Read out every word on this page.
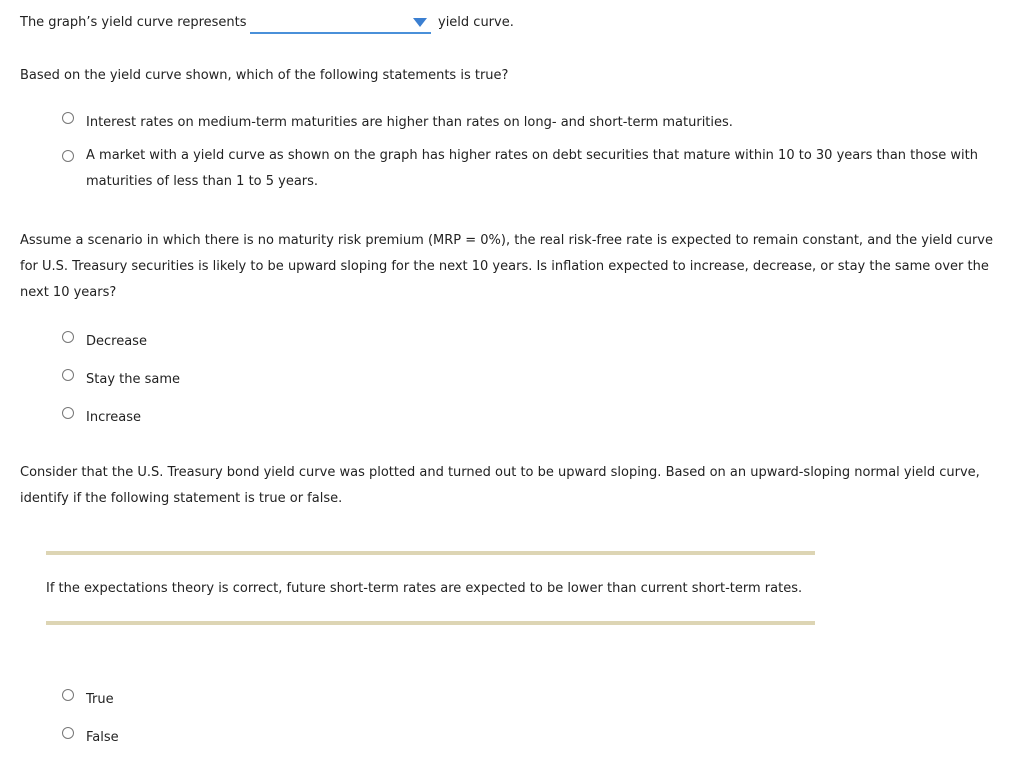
The graph’s yield curve represents	yield curve.
Based on the yield curve shown, which of the following statements is true?
Interest rates on medium-term maturities are higher than rates on long- and short-term maturities.
A market with a yield curve as shown on the graph has higher rates on debt securities that mature within 10 to 30 years than those with maturities of less than 1 to 5 years.
Assume a scenario in which there is no maturity risk premium (MRP = 0%), the real risk-free rate is expected to remain constant, and the yield curve for U.S. Treasury securities is likely to be upward sloping for the next 10 years. Is inflation expected to increase, decrease, or stay the same over the next 10 years?
Decrease
Stay the same
Increase
Consider that the U.S. Treasury bond yield curve was plotted and turned out to be upward sloping. Based on an upward-sloping normal yield curve, identify if the following statement is true or false.
If the expectations theory is correct, future short-term rates are expected to be lower than current short-term rates.
True
False
